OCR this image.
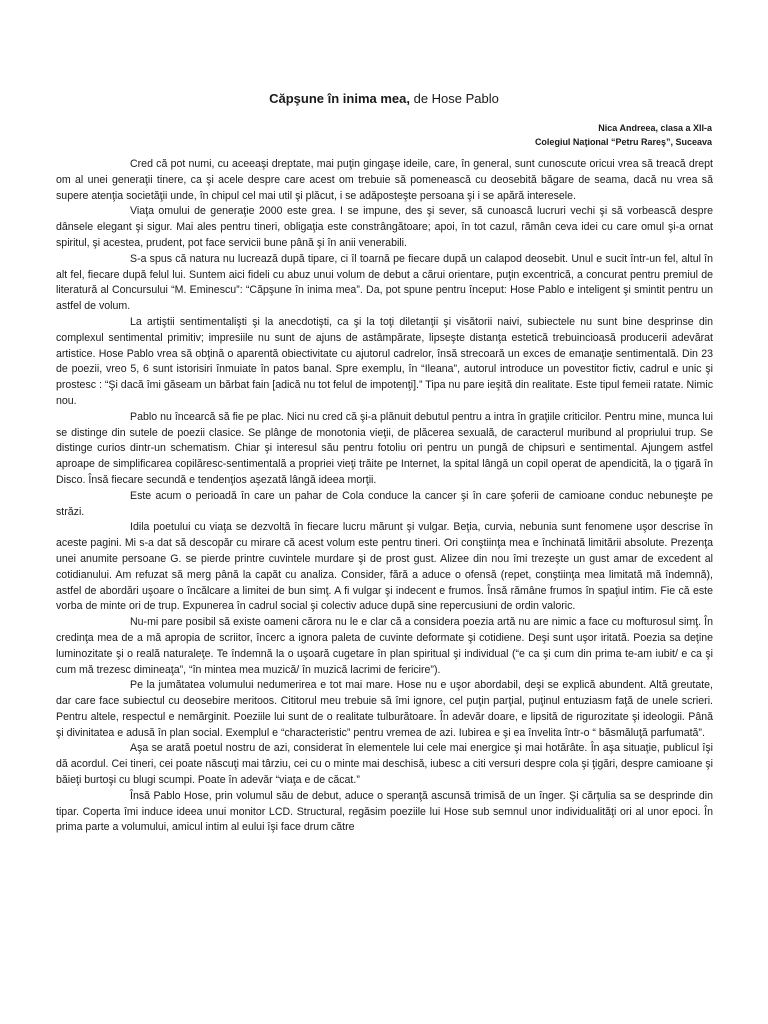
Căpşune în inima mea, de Hose Pablo
Nica Andreea, clasa a XII-a
Colegiul Naţional “Petru Rareş”, Suceava

Cred că pot numi, cu aceeaşi dreptate, mai puţin gingaşe ideile, care, în general, sunt cunoscute oricui vrea să treacă drept om al unei generaţii tinere, ca şi acele despre care acest om trebuie să pomenească cu deosebită băgare de seama, dacă nu vrea să supere atenţia societăţii unde, în chipul cel mai util şi plăcut, i se adăposteşte persoana şi i se apără interesele.

Viaţa omului de generaţie 2000 este grea. I se impune, des şi sever, să cunoască lucruri vechi şi să vorbească despre dânsele elegant şi sigur. Mai ales pentru tineri, obligaţia este constrângătoare; apoi, în tot cazul, rămân ceva idei cu care omul şi-a ornat spiritul, şi acestea, prudent, pot face servicii bune până şi în anii venerabili.

S-a spus că natura nu lucrează după tipare, ci îl toarnă pe fiecare după un calapod deosebit. Unul e sucit într-un fel, altul în alt fel, fiecare după felul lui. Suntem aici fideli cu abuz unui volum de debut a cărui orientare, puţin excentrică, a concurat pentru premiul de literatură al Concursului “M. Eminescu”: “Căpşune în inima mea”. Da, pot spune pentru început: Hose Pablo e inteligent şi smintit pentru un astfel de volum.

La artiştii sentimentalişti şi la anecdotişti, ca şi la toţi diletanţii şi visătorii naivi, subiectele nu sunt bine desprinse din complexul sentimental primitiv; impresiile nu sunt de ajuns de astâmpărate, lipseşte distanţa estetică trebuincioasă producerii adevărat artistice. Hose Pablo vrea să obţină o aparentă obiectivitate cu ajutorul cadrelor, însă strecoară un exces de emanaţie sentimentală. Din 23 de poezii, vreo 5, 6 sunt istorisiri înmuiate în patos banal. Spre exemplu, în “Ileana”, autorul introduce un povestitor fictiv, cadrul e unic şi prostesc : “Şi dacă îmi găseam un bărbat fain [adică nu tot felul de impotenţi].” Tipa nu pare ieşită din realitate. Este tipul femeii ratate. Nimic nou.

Pablo nu încearcă să fie pe plac. Nici nu cred că şi-a plănuit debutul pentru a intra în graţiile criticilor. Pentru mine, munca lui se distinge din sutele de poezii clasice. Se plânge de monotonia vieţii, de plăcerea sexuală, de caracterul muribund al propriului trup. Se distinge curios dintr-un schematism. Chiar şi interesul său pentru fotoliu ori pentru un pungă de chipsuri e sentimental. Ajungem astfel aproape de simplificarea copilăresc-sentimentală a propriei vieţi trăite pe Internet, la spital lângă un copil operat de apendicită, la o ţigară în Disco. Însă fiecare secundă e tendenţios aşezată lângă ideea morţii.

Este acum o perioadă în care un pahar de Cola conduce la cancer şi în care şoferii de camioane conduc nebuneşte pe străzi.

Idila poetului cu viaţa se dezvoltă în fiecare lucru mărunt şi vulgar. Beţia, curvia, nebunia sunt fenomene uşor descrise în aceste pagini. Mi s-a dat să descopăr cu mirare că acest volum este pentru tineri. Ori conştiinţa mea e închinată limitării absolute. Prezenţa unei anumite persoane G. se pierde printre cuvintele murdare şi de prost gust. Alizee din nou îmi trezeşte un gust amar de excedent al cotidianului. Am refuzat să merg până la capăt cu analiza. Consider, fără a aduce o ofensă (repet, conştiinţa mea limitată mă îndemnă), astfel de abordări uşoare o încălcare a limitei de bun simţ. A fi vulgar şi indecent e frumos. Însă rămâne frumos în spaţiul intim. Fie că este vorba de minte ori de trup. Expunerea în cadrul social şi colectiv aduce după sine repercusiuni de ordin valoric.

Nu-mi pare posibil să existe oameni cărora nu le e clar că a considera poezia artă nu are nimic a face cu mofturosul simţ. În credinţa mea de a mă apropia de scriitor, încerc a ignora paleta de cuvinte deformate şi cotidiene. Deşi sunt uşor iritată. Poezia sa deţine luminozitate şi o reală naturaleţe. Te îndemnă la o uşoară cugetare în plan spiritual şi individual (“e ca şi cum din prima te-am iubit/ e ca şi cum mă trezesc dimineaţa”, “în mintea mea muzică/ în muzică lacrimi de fericire”).

Pe la jumătatea volumului nedumerirea e tot mai mare. Hose nu e uşor abordabil, deşi se explică abundent. Altă greutate, dar care face subiectul cu deosebire meritoos. Cititorul meu trebuie să îmi ignore, cel puţin parţial, puţinul entuziasm faţă de unele scrieri. Pentru altele, respectul e nemărginit. Poeziile lui sunt de o realitate tulburătoare. În adevăr doare, e lipsită de rigurozitate şi ideologii. Până şi divinitatea e adusă în plan social. Exemplul e “characteristic” pentru vremea de azi. Iubirea e şi ea învelita într-o “ băsmăluţă parfumată”.

Aşa se arată poetul nostru de azi, considerat în elementele lui cele mai energice şi mai hotărâte. În aşa situaţie, publicul îşi dă acordul. Cei tineri, cei poate născuţi mai târziu, cei cu o minte mai deschisă, iubesc a citi versuri despre cola şi ţigări, despre camioane şi băieţi burtoşi cu blugi scumpi. Poate în adevăr “viaţa e de căcat.”

Însă Pablo Hose, prin volumul său de debut, aduce o speranţă ascunsă trimisă de un înger. Şi cărţulia sa se desprinde din tipar. Coperta îmi induce ideea unui monitor LCD. Structural, regăsim poeziile lui Hose sub semnul unor individualităţi ori al unor epoci. În prima parte a volumului, amicul intim al eului îşi face drum către
